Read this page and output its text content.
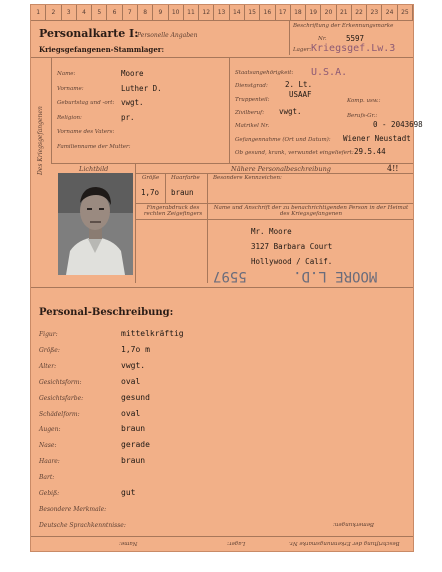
1	2	3	4	5	6	7	8	9	10	11	12	13	14	15	16	17	18	19	20	21	22	23	24	25
Personalkarte I:
Personelle Angaben
Kriegsgefangenen-Stammlager:
Beschriftung der Erkennungsmarke
Nr.	5597
Lager: Kriegsgef.Lw.3
Des Kriegsgefangenen
Name:	Moore
Vorname:	Luther D.
Geburtstag und -ort: vwgt.
Religion:	pr.
Vorname des Vaters:
Familienname der Mutter:
Staatsangehörigkeit: U.S.A.
Dienstgrad: 2. Lt.
Truppenteil:
USAAF
Zivilberuf: vwgt.
Matrikel Nr.	0 - 2043698
Gefangennahme (Ort und Datum): Wiener Neustadt
Ob gesund, krank, verwundet eingeliefert: 29.5.44
Komp. usw.:
Berufs-Gr.:
Lichtbild	Nähere Personalbeschreibung	4!!
Größe Haarfarbe Besondere Kennzeichen:
1,7o braun
Fingerabdruck des rechten Zeigefingers
Name und Anschrift der zu benachrichtigenden Person in der Heimat des Kriegsgefangenen
Mr. Moore
3127 Barbara Court
Hollywood / Calif.
5597	MOORE L.D.
Personal-Beschreibung:
Figur:	mittelkräftig
Größe:	1,7o m
Alter:	vwgt.
Gesichtsform:	oval
Gesichtsfarbe:	gesund
Schädelform:	oval
Augen:	braun
Nase:	gerade
Haare:	braun
Bart:
Gebiß:	gut
Besondere Merkmale:
Deutsche Sprachkenntnisse:	Bemerkungen:
Name:	Lager:	Beschriftung der Erkennungsmarke Nr.
